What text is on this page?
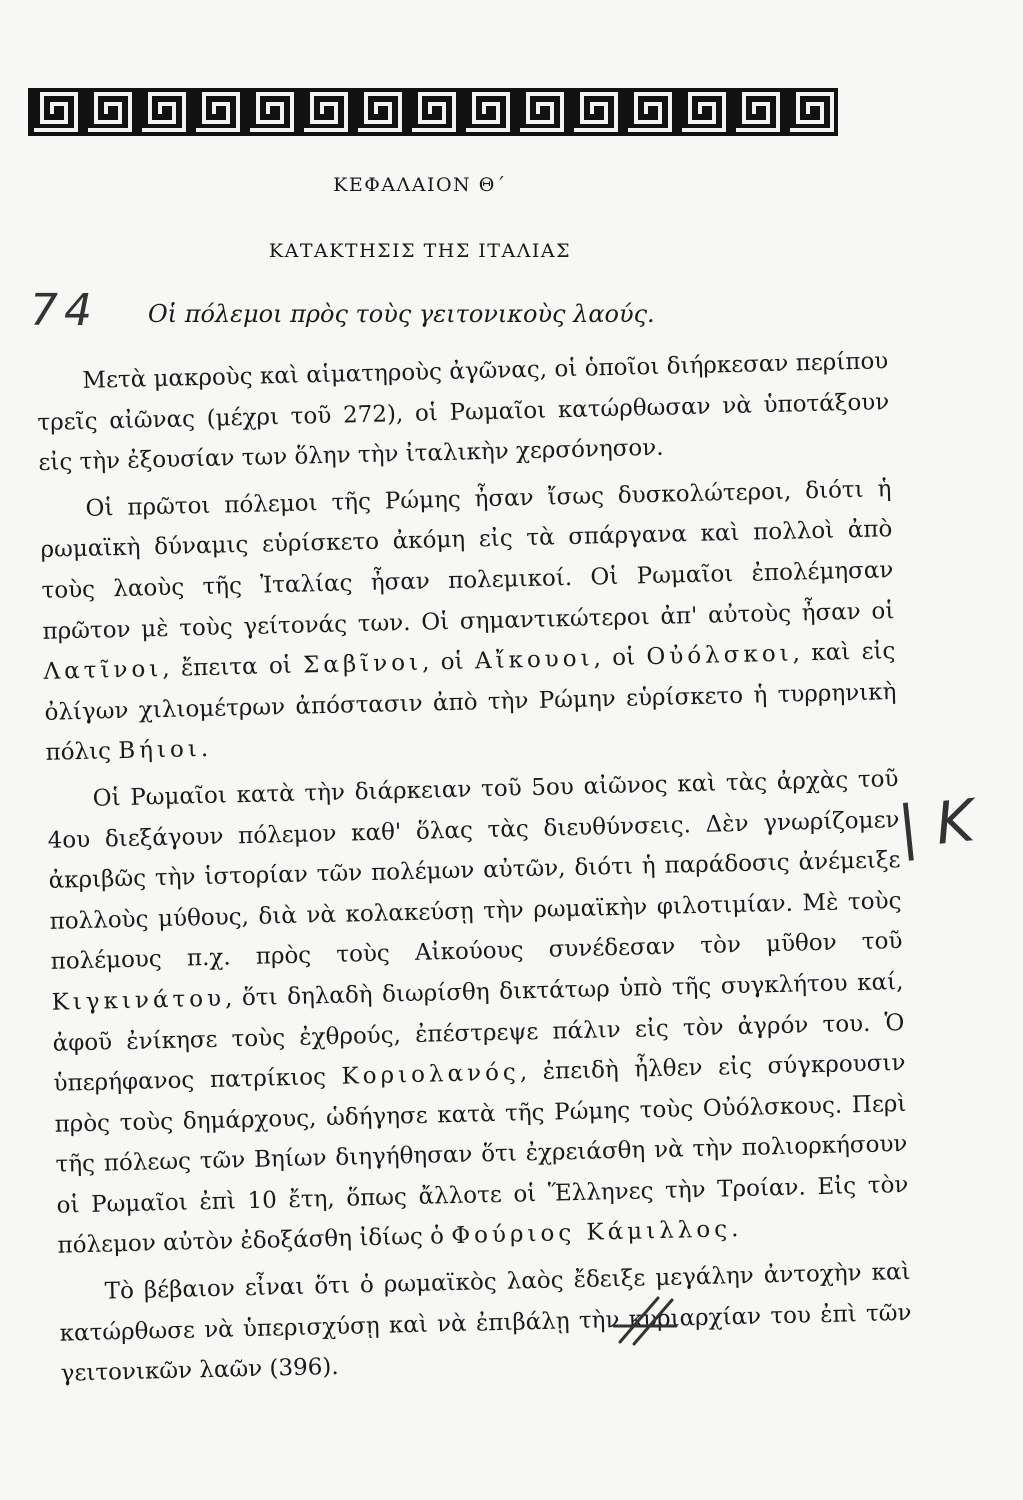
ΚΕΦΑΛΑΙΟΝ Θ΄
ΚΑΤΑΚΤΗΣΙΣ ΤΗΣ ΙΤΑΛΙΑΣ
Οἱ πόλεμοι πρὸς τοὺς γειτονικοὺς λαούς.
74
| K

Μετὰ μακροὺς καὶ αἱματηροὺς ἀγῶνας, οἱ ὁποῖοι διήρκεσαν περίπου τρεῖς αἰῶνας (μέχρι τοῦ 272), οἱ Ρωμαῖοι κατώρθωσαν νὰ ὑποτάξουν εἰς τὴν ἐξουσίαν των ὅλην τὴν ἰταλικὴν χερσόνησον.

Οἱ πρῶτοι πόλεμοι τῆς Ρώμης ἦσαν ἴσως δυσκολώτεροι, διότι ἡ ρωμαϊκὴ δύναμις εὑρίσκετο ἀκόμη εἰς τὰ σπάργανα καὶ πολλοὶ ἀπὸ τοὺς λαοὺς τῆς Ἰταλίας ἦσαν πολεμικοί. Οἱ Ρωμαῖοι ἐπολέμησαν πρῶτον μὲ τοὺς γείτονάς των. Οἱ σημαντικώτεροι ἀπ' αὐτοὺς ἦσαν οἱ Λατῖνοι, ἔπειτα οἱ Σαβῖνοι, οἱ Αἴκουοι, οἱ Οὐόλσκοι, καὶ εἰς ὀλίγων χιλιομέτρων ἀπόστασιν ἀπὸ τὴν Ρώμην εὑρίσκετο ἡ τυρρηνικὴ πόλις Βήιοι.

Οἱ Ρωμαῖοι κατὰ τὴν διάρκειαν τοῦ 5ου αἰῶνος καὶ τὰς ἀρχὰς τοῦ 4ου διεξάγουν πόλεμον καθ' ὅλας τὰς διευθύνσεις. Δὲν γνωρίζομεν ἀκριβῶς τὴν ἱστορίαν τῶν πολέμων αὐτῶν, διότι ἡ παράδοσις ἀνέμειξε πολλοὺς μύθους, διὰ νὰ κολακεύσῃ τὴν ρωμαϊκὴν φιλοτιμίαν. Μὲ τοὺς πολέμους π.χ. πρὸς τοὺς Αἰκούους συνέδεσαν τὸν μῦθον τοῦ Κιγκινάτου, ὅτι δηλαδὴ διωρίσθη δικτάτωρ ὑπὸ τῆς συγκλήτου καί, ἀφοῦ ἐνίκησε τοὺς ἐχθρούς, ἐπέστρεψε πάλιν εἰς τὸν ἀγρόν του. Ὁ ὑπερήφανος πατρίκιος Κοριολανός, ἐπειδὴ ἦλθεν εἰς σύγκρουσιν πρὸς τοὺς δημάρχους, ὡδήγησε κατὰ τῆς Ρώμης τοὺς Οὐόλσκους. Περὶ τῆς πόλεως τῶν Βηίων διηγήθησαν ὅτι ἐχρειάσθη νὰ τὴν πολιορκήσουν οἱ Ρωμαῖοι ἐπὶ 10 ἔτη, ὅπως ἄλλοτε οἱ Ἕλληνες τὴν Τροίαν. Εἰς τὸν πόλεμον αὐτὸν ἐδοξάσθη ἰδίως ὁ Φούριος Κάμιλλος.

Τὸ βέβαιον εἶναι ὅτι ὁ ρωμαϊκὸς λαὸς ἔδειξε μεγάλην ἀντοχὴν καὶ κατώρθωσε νὰ ὑπερισχύσῃ καὶ νὰ ἐπιβάλῃ τὴν κυριαρχίαν του ἐπὶ τῶν γειτονικῶν λαῶν (396).
